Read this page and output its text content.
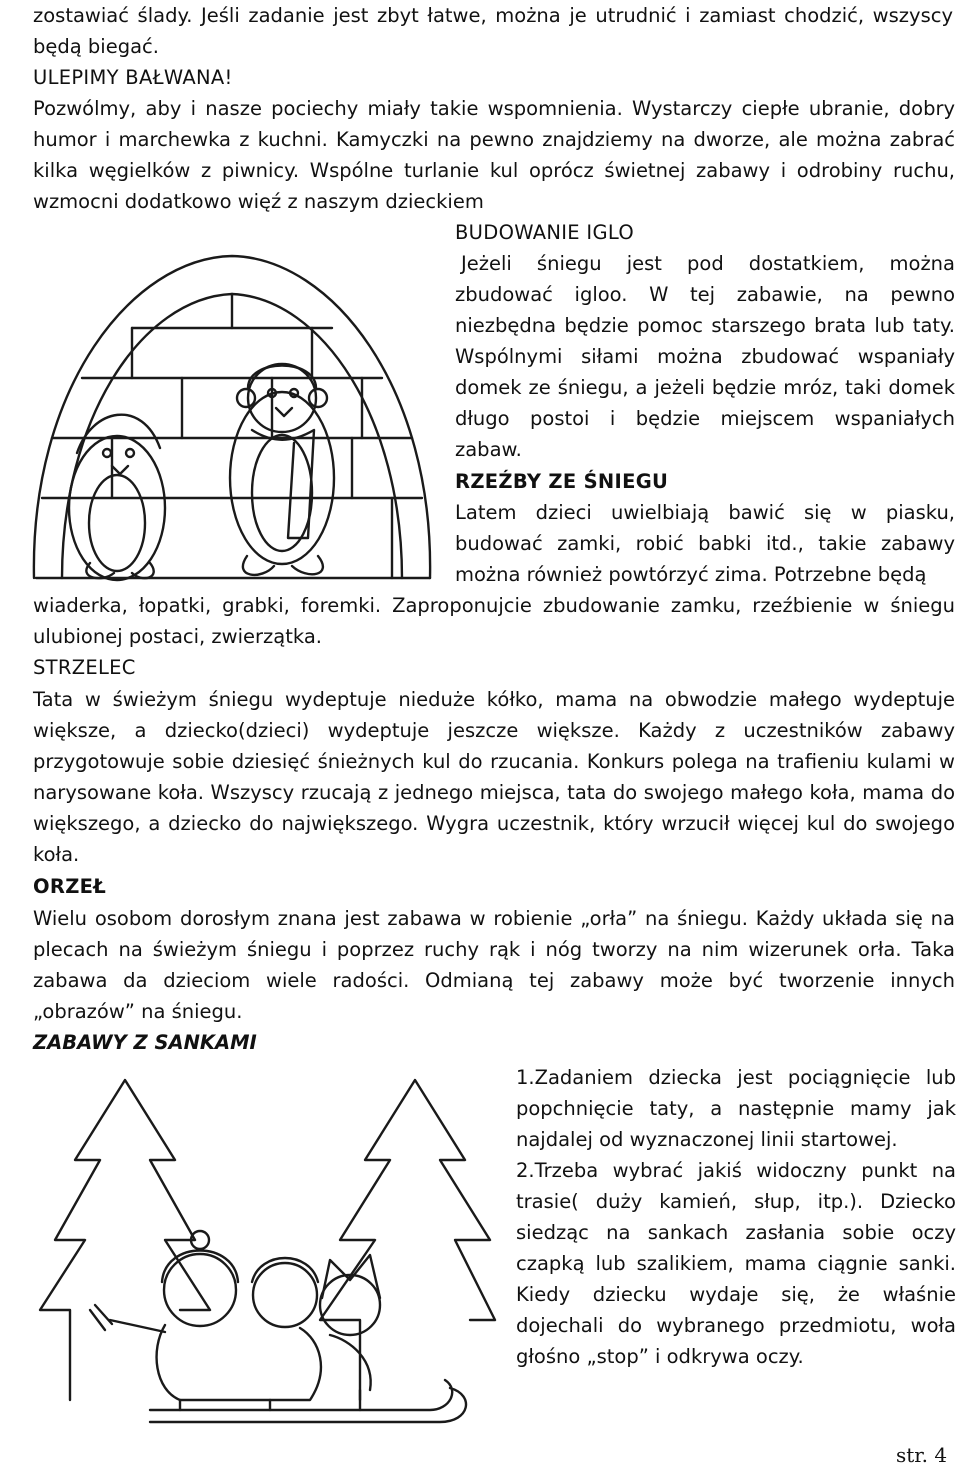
zostawiać ślady. Jeśli zadanie jest zbyt łatwe, można je utrudnić i zamiast chodzić, wszyscy będą biegać.

ULEPIMY BAŁWANA!

Pozwólmy, aby i nasze pociechy miały takie wspomnienia. Wystarczy ciepłe ubranie, dobry humor i marchewka z kuchni. Kamyczki na pewno znajdziemy na dworze, ale można zabrać kilka węgielków z piwnicy. Wspólne turlanie kul oprócz świetnej zabawy i odrobiny ruchu, wzmocni dodatkowo więź z naszym dzieckiem

BUDOWANIE IGLO

Jeżeli śniegu jest pod dostatkiem, można zbudować igloo. W tej zabawie, na pewno niezbędna będzie pomoc starszego brata lub taty. Wspólnymi siłami można zbudować wspaniały domek ze śniegu, a jeżeli będzie mróz, taki domek długo postoi i będzie miejscem wspaniałych zabaw.

RZEŹBY ZE ŚNIEGU

Latem dzieci uwielbiają bawić się w piasku, budować zamki, robić babki itd., takie zabawy można również powtórzyć zima. Potrzebne będą

wiaderka, łopatki, grabki, foremki. Zaproponujcie zbudowanie zamku, rzeźbienie w śniegu ulubionej postaci, zwierzątka.

STRZELEC

Tata w świeżym śniegu wydeptuje nieduże kółko, mama na obwodzie małego wydeptuje większe, a dziecko(dzieci) wydeptuje jeszcze większe. Każdy z uczestników zabawy przygotowuje sobie dziesięć śnieżnych kul do rzucania. Konkurs polega na trafieniu kulami w narysowane koła. Wszyscy rzucają z jednego miejsca, tata do swojego małego koła, mama do większego, a dziecko do największego. Wygra uczestnik, który wrzucił więcej kul do swojego koła.

ORZEŁ

Wielu osobom dorosłym znana jest zabawa w robienie „orła” na śniegu. Każdy układa się na plecach na świeżym śniegu i poprzez ruchy rąk i nóg tworzy na nim wizerunek orła. Taka zabawa da dzieciom wiele radości. Odmianą tej zabawy może być tworzenie innych „obrazów” na śniegu.

ZABAWY Z SANKAMI
1.Zadaniem dziecka jest pociągnięcie lub popchnięcie taty, a następnie mamy jak najdalej od wyznaczonej linii startowej.
2.Trzeba wybrać jakiś widoczny punkt na trasie( duży kamień, słup, itp.). Dziecko siedząc na sankach zasłania sobie oczy czapką lub szalikiem, mama ciągnie sanki. Kiedy dziecku wydaje się, że właśnie dojechali do wybranego przedmiotu, woła głośno „stop” i odkrywa oczy.
str. 4
